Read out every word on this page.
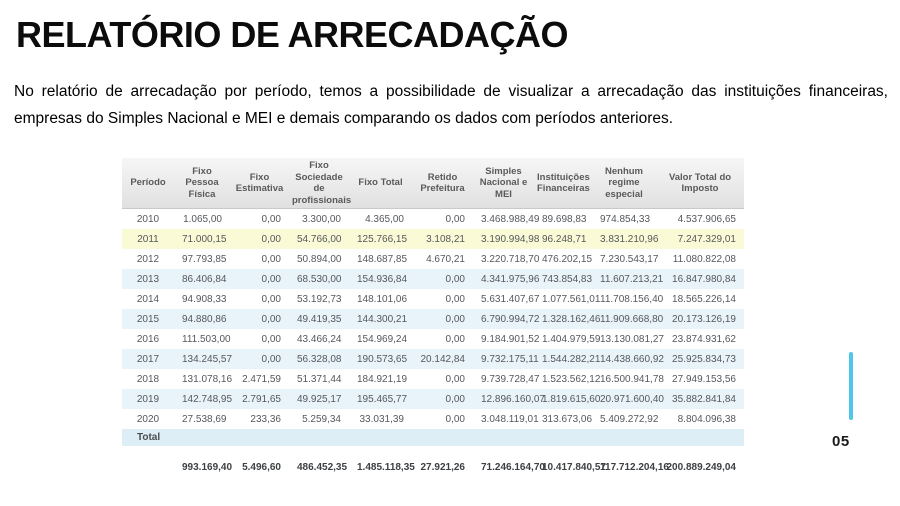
RELATÓRIO DE ARRECADAÇÃO

No relatório de arrecadação por período, temos a possibilidade de visualizar a arrecadação das instituições financeiras, empresas do Simples Nacional e MEI e demais comparando os dados com períodos anteriores.

Período	Fixo Pessoa Física	Fixo Estimativa	Fixo Sociedade de profissionais	Fixo Total	Retido Prefeitura	Simples Nacional e MEI	Instituições Financeiras	Nenhum regime especial	Valor Total do Imposto
2010	1.065,00	0,00	3.300,00	4.365,00	0,00	3.468.988,49	89.698,83	974.854,33	4.537.906,65
2011	71.000,15	0,00	54.766,00	125.766,15	3.108,21	3.190.994,98	96.248,71	3.831.210,96	7.247.329,01
2012	97.793,85	0,00	50.894,00	148.687,85	4.670,21	3.220.718,70	476.202,15	7.230.543,17	11.080.822,08
2013	86.406,84	0,00	68.530,00	154.936,84	0,00	4.341.975,96	743.854,83	11.607.213,21	16.847.980,84
2014	94.908,33	0,00	53.192,73	148.101,06	0,00	5.631.407,67	1.077.561,01	11.708.156,40	18.565.226,14
2015	94.880,86	0,00	49.419,35	144.300,21	0,00	6.790.994,72	1.328.162,46	11.909.668,80	20.173.126,19
2016	111.503,00	0,00	43.466,24	154.969,24	0,00	9.184.901,52	1.404.979,59	13.130.081,27	23.874.931,62
2017	134.245,57	0,00	56.328,08	190.573,65	20.142,84	9.732.175,11	1.544.282,21	14.438.660,92	25.925.834,73
2018	131.078,16	2.471,59	51.371,44	184.921,19	0,00	9.739.728,47	1.523.562,12	16.500.941,78	27.949.153,56
2019	142.748,95	2.791,65	49.925,17	195.465,77	0,00	12.896.160,07	1.819.615,60	20.971.600,40	35.882.841,84
2020	27.538,69	233,36	5.259,34	33.031,39	0,00	3.048.119,01	313.673,06	5.409.272,92	8.804.096,38
Total									
	993.169,40	5.496,60	486.452,35	1.485.118,35	27.921,26	71.246.164,70	10.417.840,57	117.712.204,16	200.889.249,04
05
